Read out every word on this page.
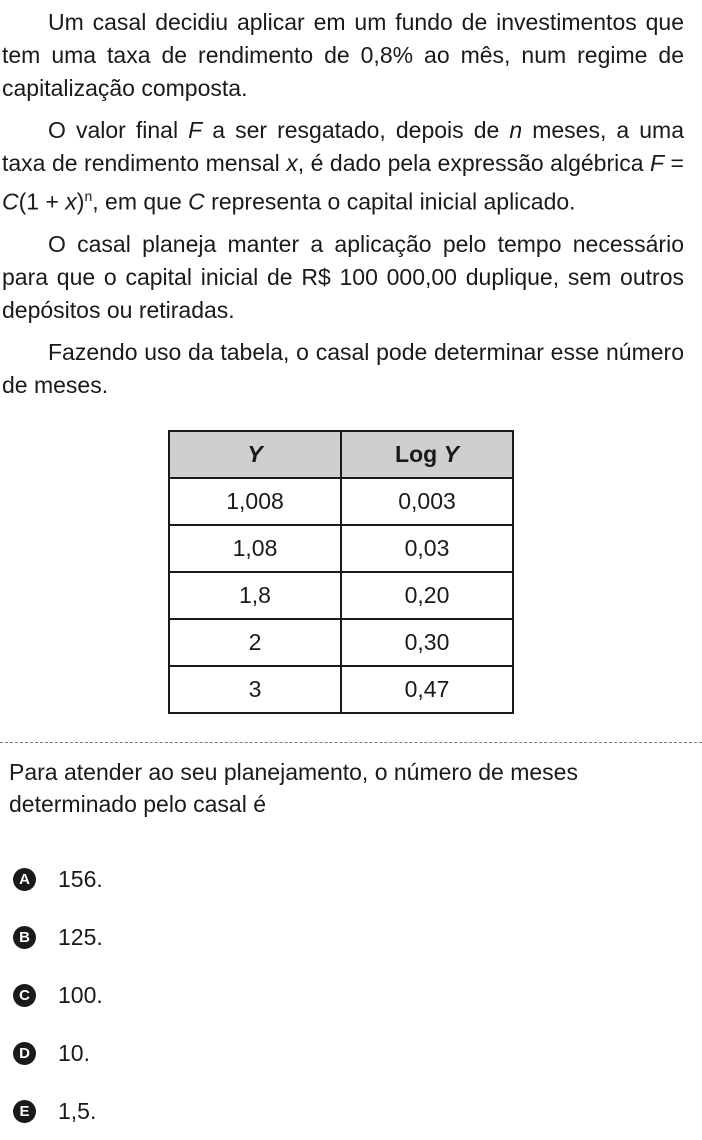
Um casal decidiu aplicar em um fundo de investimentos que tem uma taxa de rendimento de 0,8% ao mês, num regime de capitalização composta.

O valor final F a ser resgatado, depois de n meses, a uma taxa de rendimento mensal x, é dado pela expressão algébrica $F = C(1 + x)^n$, em que C representa o capital inicial aplicado.

O casal planeja manter a aplicação pelo tempo necessário para que o capital inicial de R$ 100 000,00 duplique, sem outros depósitos ou retiradas.

Fazendo uso da tabela, o casal pode determinar esse número de meses.

Y	Log Y
1,008	0,003
1,08	0,03
1,8	0,20
2	0,30
3	0,47

Para atender ao seu planejamento, o número de meses determinado pelo casal é

A 156.
B 125.
C 100.
D 10.
E 1,5.
